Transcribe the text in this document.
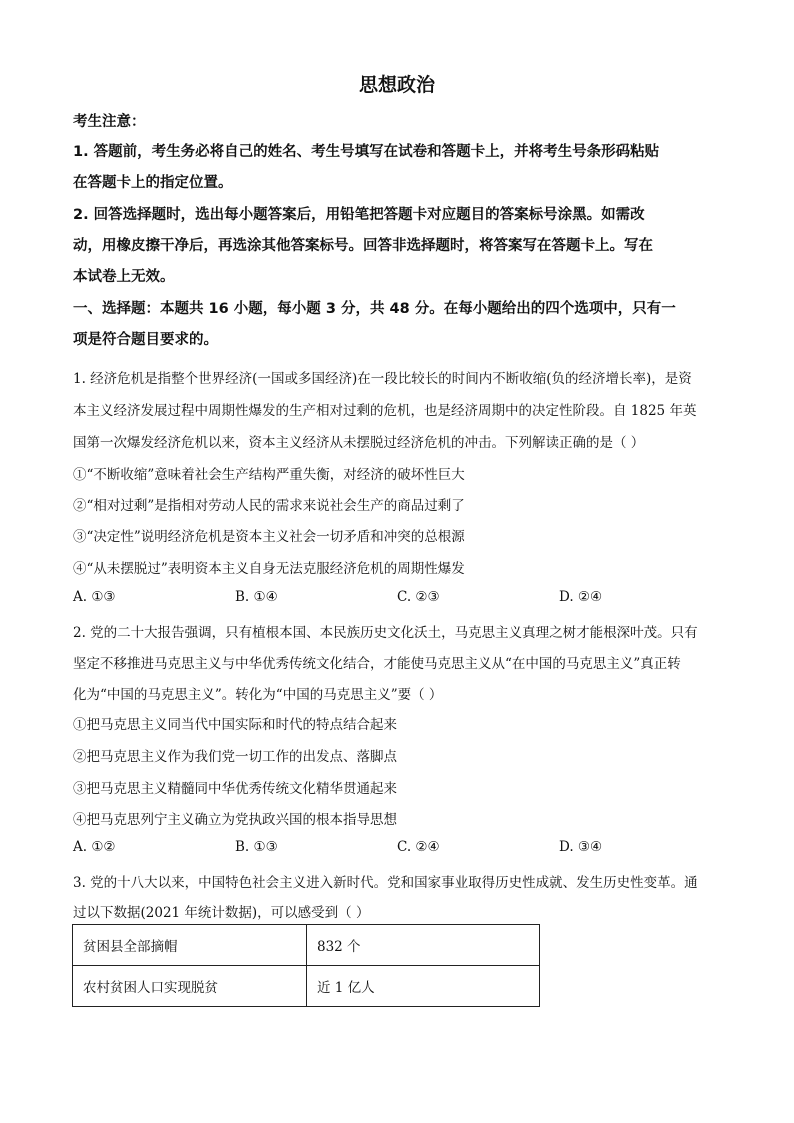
思想政治
考生注意：
1. 答题前，考生务必将自己的姓名、考生号填写在试卷和答题卡上，并将考生号条形码粘贴
在答题卡上的指定位置。
2. 回答选择题时，选出每小题答案后，用铅笔把答题卡对应题目的答案标号涂黑。如需改
动，用橡皮擦干净后，再选涂其他答案标号。回答非选择题时，将答案写在答题卡上。写在
本试卷上无效。
一、选择题：本题共 16 小题，每小题 3 分，共 48 分。在每小题给出的四个选项中，只有一
项是符合题目要求的。
1. 经济危机是指整个世界经济(一国或多国经济)在一段比较长的时间内不断收缩(负的经济增长率)，是资
本主义经济发展过程中周期性爆发的生产相对过剩的危机，也是经济周期中的决定性阶段。自 1825 年英
国第一次爆发经济危机以来，资本主义经济从未摆脱过经济危机的冲击。下列解读正确的是（ ）
①“不断收缩”意味着社会生产结构严重失衡，对经济的破坏性巨大
②“相对过剩”是指相对劳动人民的需求来说社会生产的商品过剩了
③“决定性”说明经济危机是资本主义社会一切矛盾和冲突的总根源
④“从未摆脱过”表明资本主义自身无法克服经济危机的周期性爆发
A. ①③	B. ①④	C. ②③	D. ②④
2. 党的二十大报告强调，只有植根本国、本民族历史文化沃土，马克思主义真理之树才能根深叶茂。只有
坚定不移推进马克思主义与中华优秀传统文化结合，才能使马克思主义从“在中国的马克思主义”真正转
化为“中国的马克思主义”。转化为“中国的马克思主义”要（ ）
①把马克思主义同当代中国实际和时代的特点结合起来
②把马克思主义作为我们党一切工作的出发点、落脚点
③把马克思主义精髓同中华优秀传统文化精华贯通起来
④把马克思列宁主义确立为党执政兴国的根本指导思想
A. ①②	B. ①③	C. ②④	D. ③④
3. 党的十八大以来，中国特色社会主义进入新时代。党和国家事业取得历史性成就、发生历史性变革。通
过以下数据(2021 年统计数据)，可以感受到（ ）
贫困县全部摘帽	832 个
农村贫困人口实现脱贫	近 1 亿人
